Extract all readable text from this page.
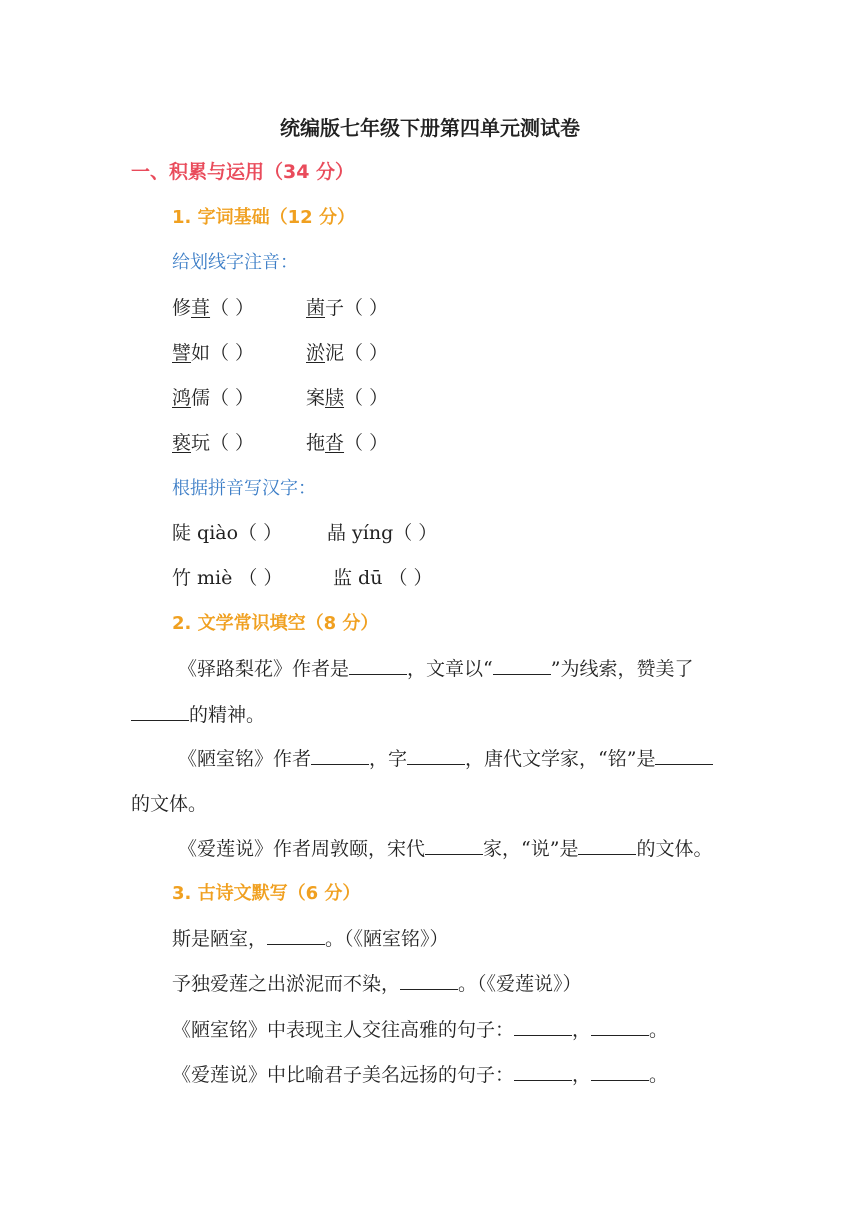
统编版七年级下册第四单元测试卷
一、积累与运用（34 分）
1. 字词基础（12 分）
给划线字注音：
修葺（ ）	菌子（ ）
譬如（ ）	淤泥（ ）
鸿儒（ ）	案牍（ ）
亵玩（ ）	拖沓（ ）
根据拼音写汉字：
陡 qiào（ ） 晶 yíng（ ）
竹 miè （ ）	监 dū （ ）
2. 文学常识填空（8 分）
《驿路梨花》作者是	，文章以“	”为线索，赞美了
的精神。
《陋室铭》作者	，字	，唐代文学家，“铭”是
的文体。
《爱莲说》作者周敦颐，宋代	家，“说”是	的文体。
3. 古诗文默写（6 分）
斯是陋室，	。（《陋室铭》）
予独爱莲之出淤泥而不染，	。（《爱莲说》）
《陋室铭》中表现主人交往高雅的句子：	，	。
《爱莲说》中比喻君子美名远扬的句子：	，	。
